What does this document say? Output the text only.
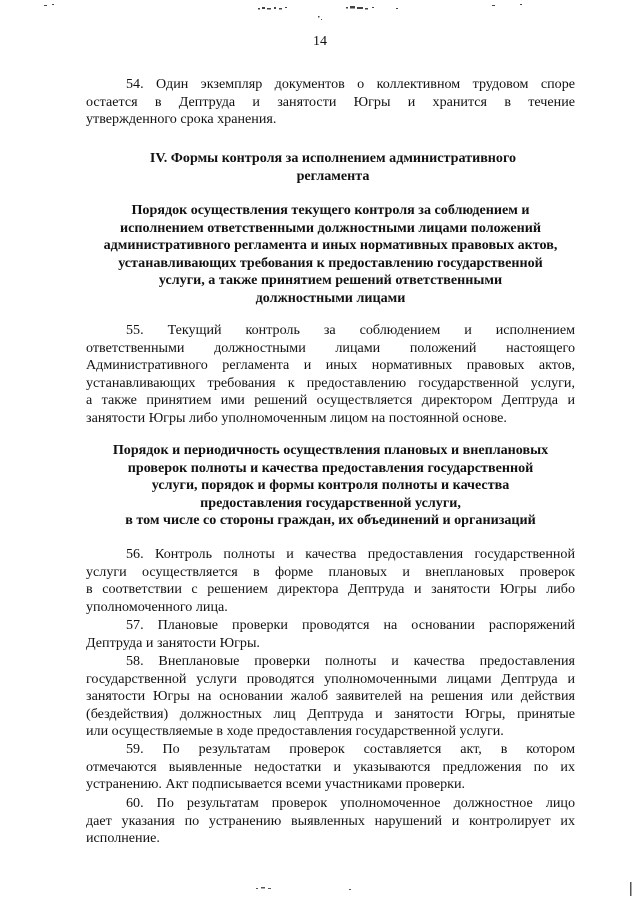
14
54. Один экземпляр документов о коллективном трудовом споре
остается в Дептруда и занятости Югры и хранится в течение
утвержденного срока хранения.
IV. Формы контроля за исполнением административного
регламента
Порядок осуществления текущего контроля за соблюдением и
исполнением ответственными должностными лицами положений
административного регламента и иных нормативных правовых актов,
устанавливающих требования к предоставлению государственной
услуги, а также принятием решений ответственными
должностными лицами
55. Текущий контроль за соблюдением и исполнением
ответственными должностными лицами положений настоящего
Административного регламента и иных нормативных правовых актов,
устанавливающих требования к предоставлению государственной услуги,
а также принятием ими решений осуществляется директором Дептруда и
занятости Югры либо уполномоченным лицом на постоянной основе.
Порядок и периодичность осуществления плановых и внеплановых
проверок полноты и качества предоставления государственной
услуги, порядок и формы контроля полноты и качества
предоставления государственной услуги,
в том числе со стороны граждан, их объединений и организаций
56. Контроль полноты и качества предоставления государственной
услуги осуществляется в форме плановых и внеплановых проверок
в соответствии с решением директора Дептруда и занятости Югры либо
уполномоченного лица.
57. Плановые проверки проводятся на основании распоряжений
Дептруда и занятости Югры.
58. Внеплановые проверки полноты и качества предоставления
государственной услуги проводятся уполномоченными лицами Дептруда и
занятости Югры на основании жалоб заявителей на решения или действия
(бездействия) должностных лиц Дептруда и занятости Югры, принятые
или осуществляемые в ходе предоставления государственной услуги.
59. По результатам проверок составляется акт, в котором
отмечаются выявленные недостатки и указываются предложения по их
устранению. Акт подписывается всеми участниками проверки.
60. По результатам проверок уполномоченное должностное лицо
дает указания по устранению выявленных нарушений и контролирует их
исполнение.
